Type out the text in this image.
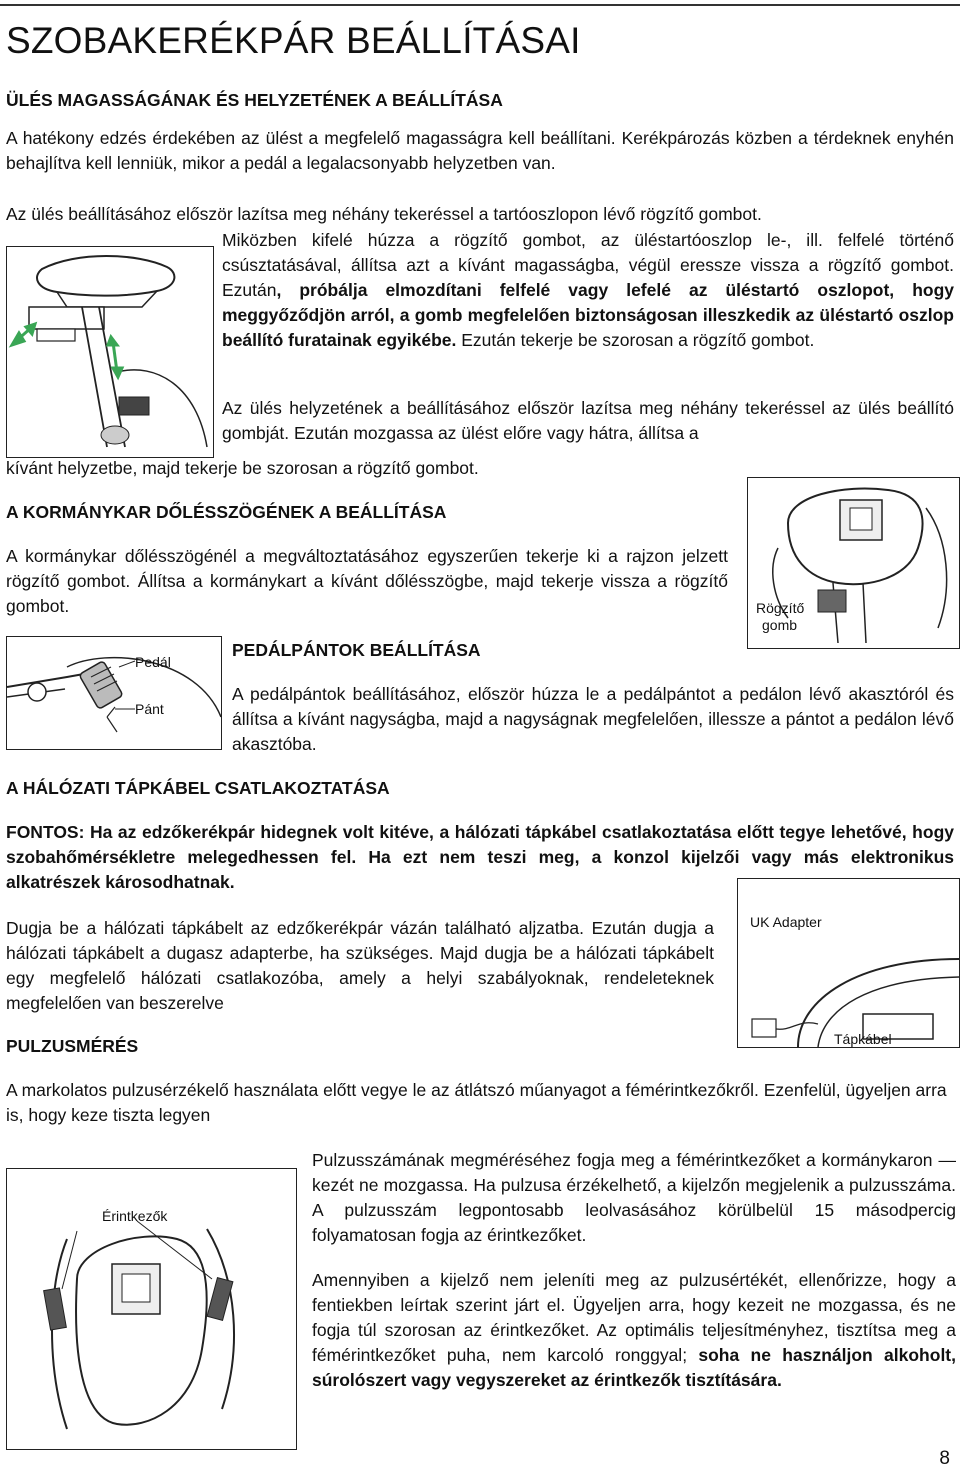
SZOBAKERÉKPÁR BEÁLLÍTÁSAI
ÜLÉS MAGASSÁGÁNAK ÉS HELYZETÉNEK A BEÁLLÍTÁSA

A hatékony edzés érdekében az ülést a megfelelő magasságra kell beállítani. Kerékpározás közben a térdeknek enyhén behajlítva kell lenniük, mikor a pedál a legalacsonyabb helyzetben van.

Az ülés beállításához először lazítsa meg néhány tekeréssel a tartóoszlopon lévő rögzítő gombot.

Miközben kifelé húzza a rögzítő gombot, az üléstartóoszlop le-, ill. felfelé történő csúsztatásával, állítsa azt a kívánt magasságba, végül eressze vissza a rögzítő gombot. Ezután, próbálja elmozdítani felfelé vagy lefelé az üléstartó oszlopot, hogy meggyőződjön arról, a gomb megfelelően biztonságosan illeszkedik az üléstartó oszlop beállító furatainak egyikébe. Ezután tekerje be szorosan a rögzítő gombot.

Az ülés helyzetének a beállításához először lazítsa meg néhány tekeréssel az ülés beállító gombját. Ezután mozgassa az ülést előre vagy hátra, állítsa a

kívánt helyzetbe, majd tekerje be szorosan a rögzítő gombot.

A KORMÁNYKAR DŐLÉSSZÖGÉNEK A BEÁLLÍTÁSA

A kormánykar dőlésszögénél a megváltoztatásához egyszerűen tekerje ki a rajzon jelzett rögzítő gombot. Állítsa a kormánykart a kívánt dőlésszögbe, majd tekerje vissza a rögzítő gombot.	Rögzítő
gomb
Pedál
Pánt
PEDÁLPÁNTOK BEÁLLÍTÁSA

A pedálpántok beállításához, először húzza le a pedálpántot a pedálon lévő akasztóról és állítsa a kívánt nagyságba, majd a nagyságnak megfelelően, illessze a pántot a pedálon lévő akasztóba.

A HÁLÓZATI TÁPKÁBEL CSATLAKOZTATÁSA

FONTOS: Ha az edzőkerékpár hidegnek volt kitéve, a hálózati tápkábel csatlakoztatása előtt tegye lehetővé, hogy szobahőmérsékletre melegedhessen fel. Ha ezt nem teszi meg, a konzol kijelzői vagy más elektronikus alkatrészek károsodhatnak.

Dugja be a hálózati tápkábelt az edzőkerékpár vázán található aljzatba. Ezután dugja a hálózati tápkábelt a dugasz adapterbe, ha szükséges. Majd dugja be a hálózati tápkábelt egy megfelelő hálózati csatlakozóba, amely a helyi szabályoknak, rendeleteknek megfelelően van beszerelve

UK Adapter
Tápkábel
PULZUSMÉRÉS

A markolatos pulzusérzékelő használata előtt vegye le az átlátszó műanyagot a fémérintkezőkről. Ezenfelül, ügyeljen arra is, hogy keze tiszta legyen

Érintkezők

Pulzusszámának megméréséhez fogja meg a fémérintkezőket a kormánykaron — kezét ne mozgassa. Ha pulzusa érzékelhető, a kijelzőn megjelenik a pulzusszáma. A pulzusszám legpontosabb leolvasásához körülbelül 15 másodpercig folyamatosan fogja az érintkezőket.

Amennyiben a kijelző nem jeleníti meg az pulzusértékét, ellenőrizze, hogy a fentiekben leírtak szerint járt el. Ügyeljen arra, hogy kezeit ne mozgassa, és ne fogja túl szorosan az érintkezőket. Az optimális teljesítményhez, tisztítsa meg a fémérintkezőket puha, nem karcoló ronggyal; soha ne használjon alkoholt, súrolószert vagy vegyszereket az érintkezők tisztítására.

8
